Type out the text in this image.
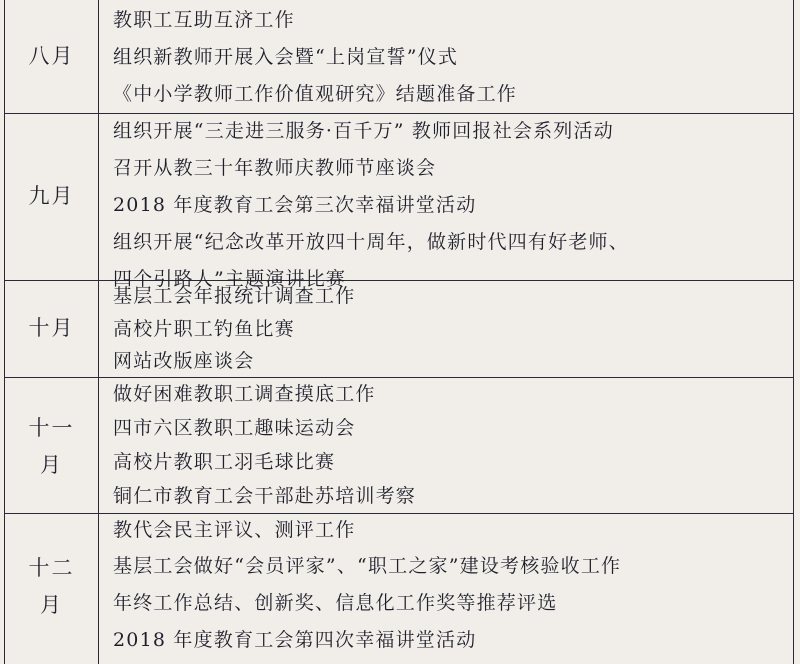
八月
教职工互助互济工作
组织新教师开展入会暨“上岗宣誓”仪式
《中小学教师工作价值观研究》结题准备工作
九月
组织开展“三走进三服务·百千万” 教师回报社会系列活动
召开从教三十年教师庆教师节座谈会
2018 年度教育工会第三次幸福讲堂活动
组织开展“纪念改革开放四十周年，做新时代四有好老师、
四个引路人”主题演讲比赛
十月
基层工会年报统计调查工作
高校片职工钓鱼比赛
网站改版座谈会
十一
月
做好困难教职工调查摸底工作
四市六区教职工趣味运动会
高校片教职工羽毛球比赛
铜仁市教育工会干部赴苏培训考察
十二
月
教代会民主评议、测评工作
基层工会做好“会员评家”、“职工之家”建设考核验收工作
年终工作总结、创新奖、信息化工作奖等推荐评选
2018 年度教育工会第四次幸福讲堂活动
